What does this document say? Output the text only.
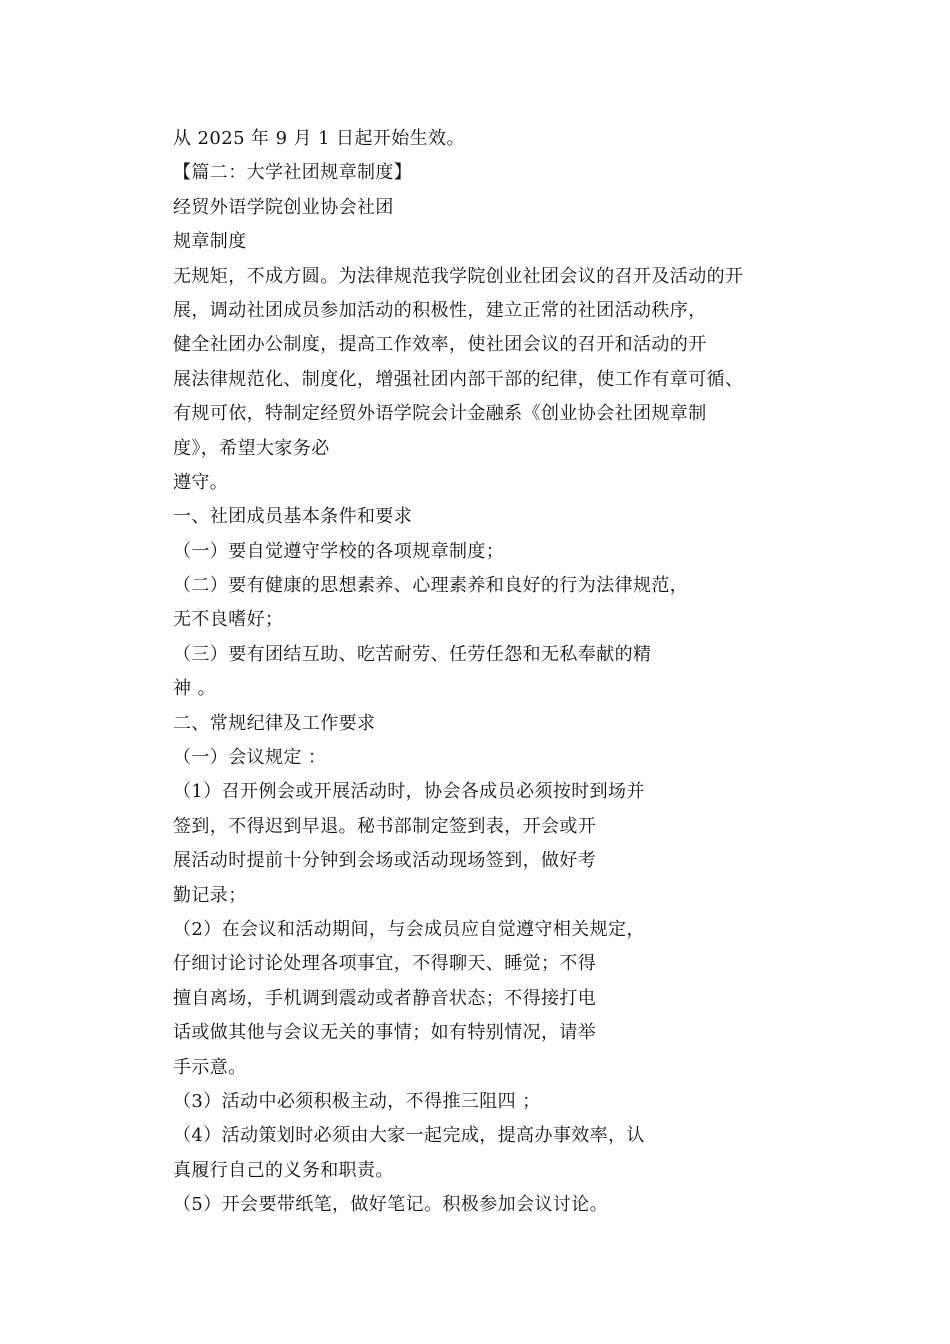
从 2025 年 9 月 1 日起开始生效。
【篇二：大学社团规章制度】
经贸外语学院创业协会社团
规章制度
无规矩，不成方圆。为法律规范我学院创业社团会议的召开及活动的开
展，调动社团成员参加活动的积极性，建立正常的社团活动秩序，
健全社团办公制度，提高工作效率，使社团会议的召开和活动的开
展法律规范化、制度化，增强社团内部干部的纪律，使工作有章可循、
有规可依，特制定经贸外语学院会计金融系《创业协会社团规章制
度》，希望大家务必
遵守。
一、社团成员基本条件和要求
（一）要自觉遵守学校的各项规章制度；
（二）要有健康的思想素养、心理素养和良好的行为法律规范，
无不良嗜好；
（三）要有团结互助、吃苦耐劳、任劳任怨和无私奉献的精
神 。
二、常规纪律及工作要求
（一）会议规定 ：
（1）召开例会或开展活动时，协会各成员必须按时到场并
签到，不得迟到早退。秘书部制定签到表，开会或开
展活动时提前十分钟到会场或活动现场签到，做好考
勤记录；
（2）在会议和活动期间，与会成员应自觉遵守相关规定，
仔细讨论讨论处理各项事宜，不得聊天、睡觉；不得
擅自离场，手机调到震动或者静音状态；不得接打电
话或做其他与会议无关的事情；如有特别情况，请举
手示意。
（3）活动中必须积极主动，不得推三阻四 ；
（4）活动策划时必须由大家一起完成，提高办事效率，认
真履行自己的义务和职责。
（5）开会要带纸笔，做好笔记。积极参加会议讨论。
